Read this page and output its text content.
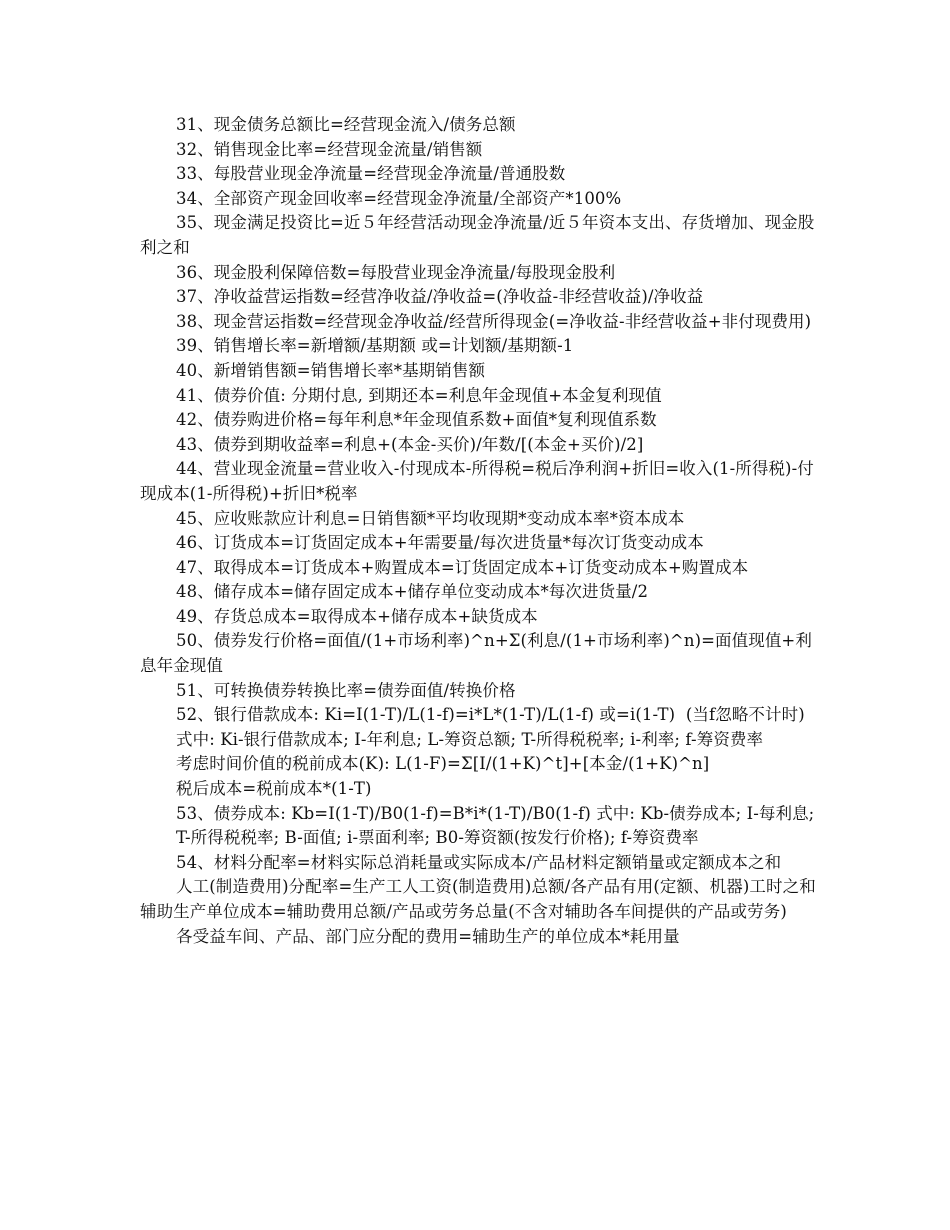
31、现金债务总额比=经营现金流入/债务总额

32、销售现金比率=经营现金流量/销售额

33、每股营业现金净流量=经营现金净流量/普通股数

34、全部资产现金回收率=经营现金净流量/全部资产*100%

35、现金满足投资比=近５年经营活动现金净流量/近５年资本支出、存货增加、现金股利之和

36、现金股利保障倍数=每股营业现金净流量/每股现金股利

37、净收益营运指数=经营净收益/净收益=(净收益-非经营收益)/净收益

38、现金营运指数=经营现金净收益/经营所得现金(=净收益-非经营收益+非付现费用)

39、销售增长率=新增额/基期额 或=计划额/基期额-1

40、新增销售额=销售增长率*基期销售额

41、债券价值: 分期付息, 到期还本=利息年金现值+本金复利现值

42、债券购进价格=每年利息*年金现值系数+面值*复利现值系数

43、债券到期收益率=利息+(本金-买价)/年数/[(本金+买价)/2]

44、营业现金流量=营业收入-付现成本-所得税=税后净利润+折旧=收入(1-所得税)-付现成本(1-所得税)+折旧*税率

45、应收账款应计利息=日销售额*平均收现期*变动成本率*资本成本

46、订货成本=订货固定成本+年需要量/每次进货量*每次订货变动成本

47、取得成本=订货成本+购置成本=订货固定成本+订货变动成本+购置成本

48、储存成本=储存固定成本+储存单位变动成本*每次进货量/2

49、存货总成本=取得成本+储存成本+缺货成本

50、债券发行价格=面值/(1+市场利率)^n+Σ(利息/(1+市场利率)^n)=面值现值+利息年金现值

51、可转换债券转换比率=债券面值/转换价格

52、银行借款成本: Ki=I(1-T)/L(1-f)=i*L*(1-T)/L(1-f) 或=i(1-T)  (当f忽略不计时)

式中: Ki-银行借款成本; I-年利息; L-筹资总额; T-所得税税率; i-利率; f-筹资费率

考虑时间价值的税前成本(K): L(1-F)=Σ[I/(1+K)^t]+[本金/(1+K)^n]

税后成本=税前成本*(1-T)

53、债券成本: Kb=I(1-T)/B0(1-f)=B*i*(1-T)/B0(1-f) 式中: Kb-债券成本; I-每利息;

T-所得税税率; B-面值; i-票面利率; B0-筹资额(按发行价格); f-筹资费率

54、材料分配率=材料实际总消耗量或实际成本/产品材料定额销量或定额成本之和

人工(制造费用)分配率=生产工人工资(制造费用)总额/各产品有用(定额、机器)工时之和辅助生产单位成本=辅助费用总额/产品或劳务总量(不含对辅助各车间提供的产品或劳务)

各受益车间、产品、部门应分配的费用=辅助生产的单位成本*耗用量
